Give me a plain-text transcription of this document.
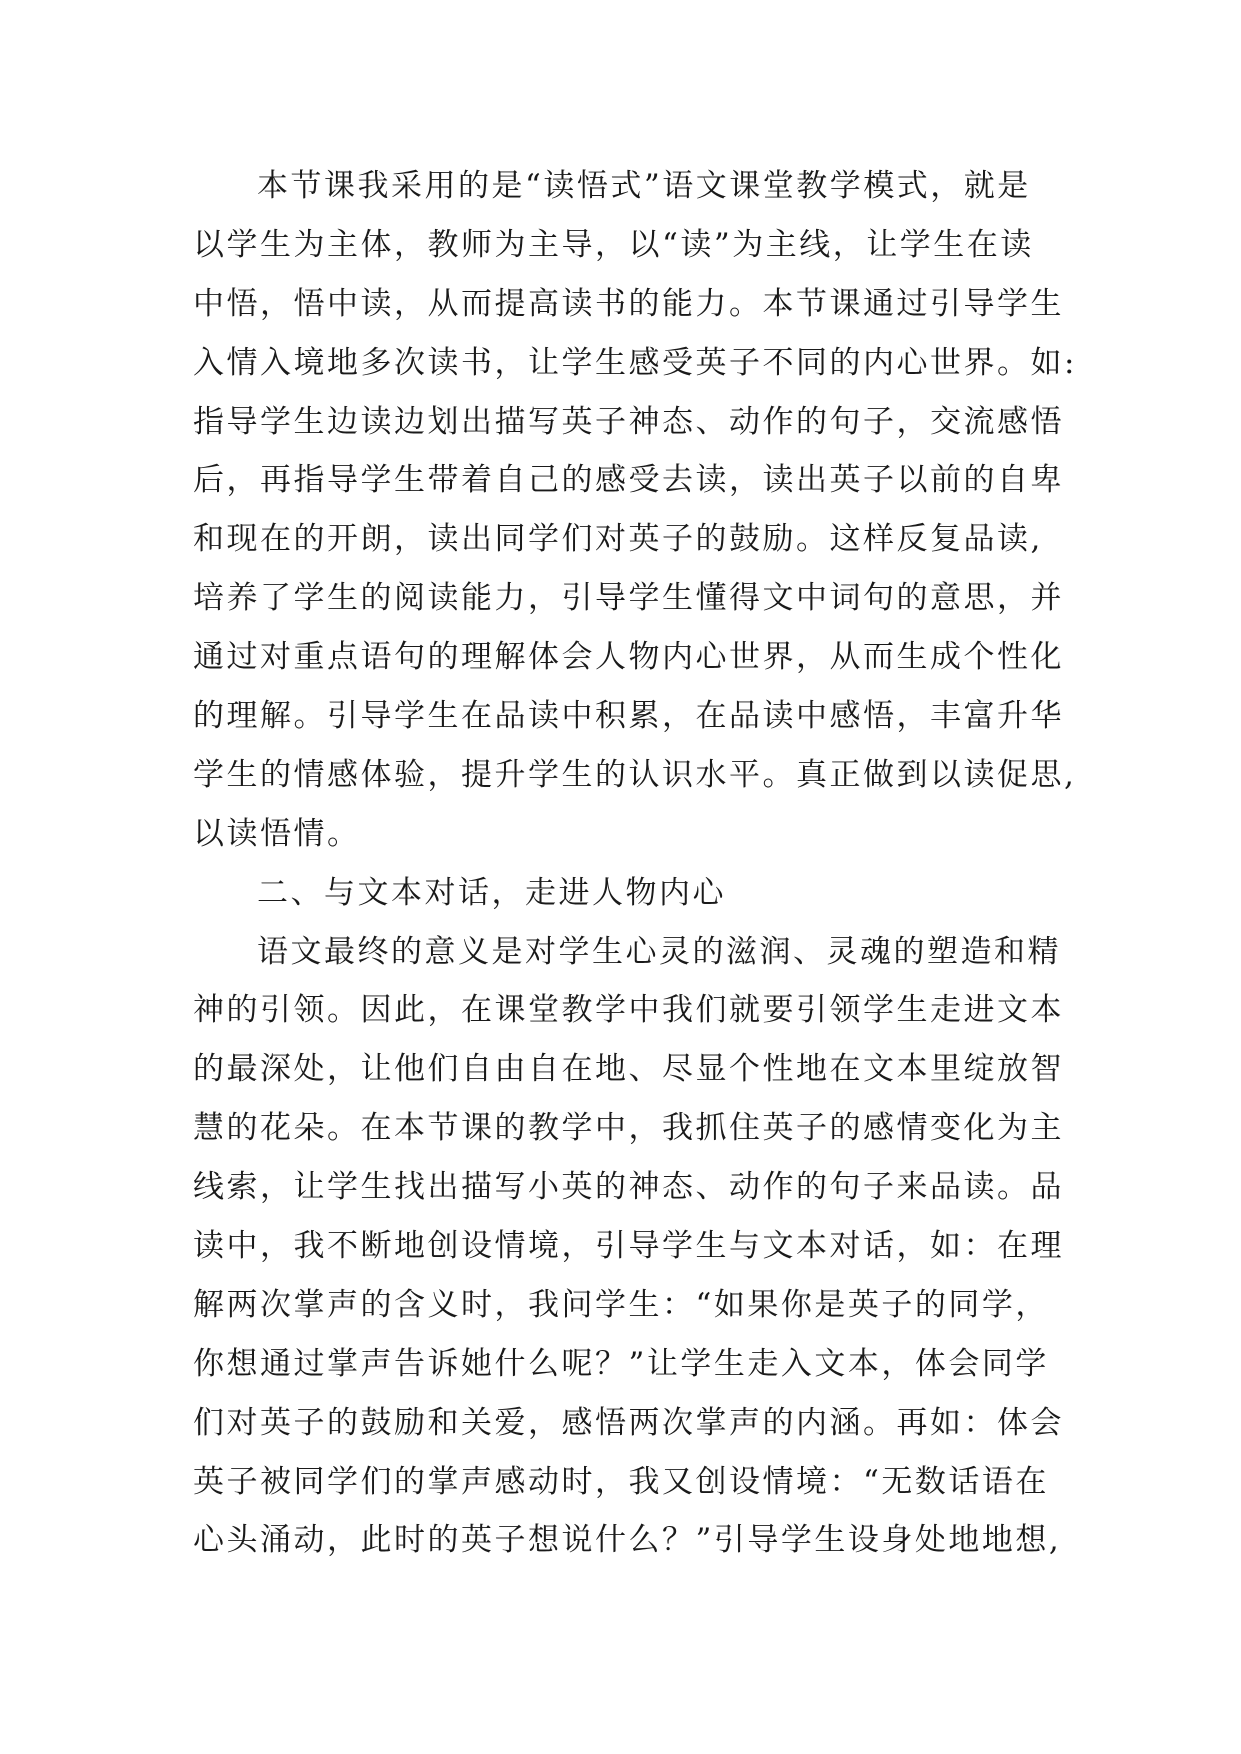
本节课我采用的是“读悟式”语文课堂教学模式，就是
以学生为主体，教师为主导，以“读”为主线，让学生在读
中悟，悟中读，从而提高读书的能力。本节课通过引导学生
入情入境地多次读书，让学生感受英子不同的内心世界。如:
指导学生边读边划出描写英子神态、动作的句子，交流感悟
后，再指导学生带着自己的感受去读，读出英子以前的自卑
和现在的开朗，读出同学们对英子的鼓励。这样反复品读,
培养了学生的阅读能力，引导学生懂得文中词句的意思，并
通过对重点语句的理解体会人物内心世界，从而生成个性化
的理解。引导学生在品读中积累，在品读中感悟，丰富升华
学生的情感体验，提升学生的认识水平。真正做到以读促思,
以读悟情。
二、与文本对话，走进人物内心
语文最终的意义是对学生心灵的滋润、灵魂的塑造和精
神的引领。因此，在课堂教学中我们就要引领学生走进文本
的最深处，让他们自由自在地、尽显个性地在文本里绽放智
慧的花朵。在本节课的教学中，我抓住英子的感情变化为主
线索，让学生找出描写小英的神态、动作的句子来品读。品
读中，我不断地创设情境，引导学生与文本对话，如：在理
解两次掌声的含义时，我问学生：“如果你是英子的同学，
你想通过掌声告诉她什么呢？”让学生走入文本，体会同学
们对英子的鼓励和关爱，感悟两次掌声的内涵。再如：体会
英子被同学们的掌声感动时，我又创设情境：“无数话语在
心头涌动，此时的英子想说什么？”引导学生设身处地地想,
